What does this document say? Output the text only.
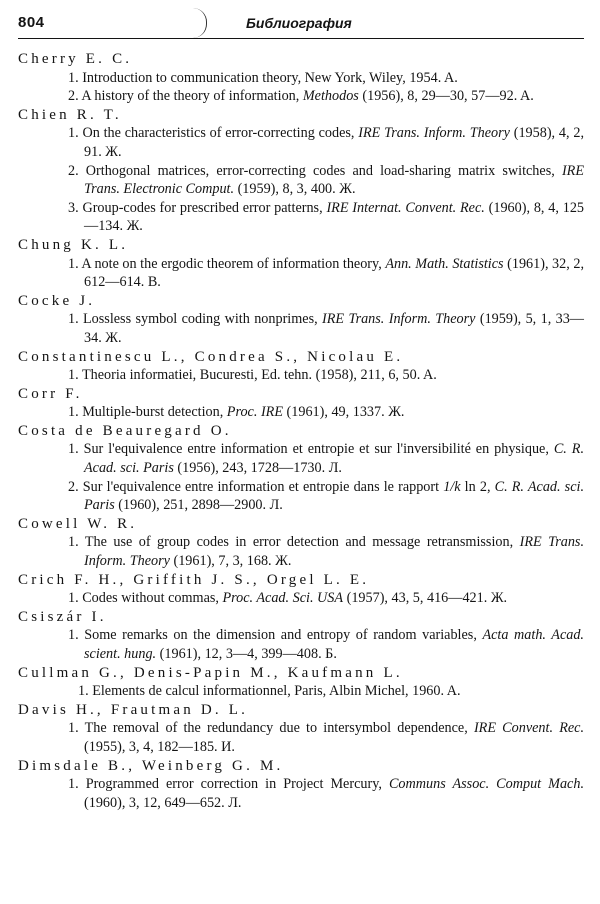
804	Библиография
Cherry E. C.
1. Introduction to communication theory, New York, Wiley, 1954. A.
2. A history of the theory of information, Methodos (1956), 8, 29—30, 57—92. A.
Chien R. T.
1. On the characteristics of error-correcting codes, IRE Trans. Inform. Theory (1958), 4, 2, 91. Ж.
2. Orthogonal matrices, error-correcting codes and load-sharing matrix switches, IRE Trans. Electronic Comput. (1959), 8, 3, 400. Ж.
3. Group-codes for prescribed error patterns, IRE Internat. Convent. Rec. (1960), 8, 4, 125—134. Ж.
Chung K. L.
1. A note on the ergodic theorem of information theory, Ann. Math. Statistics (1961), 32, 2, 612—614. B.
Cocke J.
1. Lossless symbol coding with nonprimes, IRE Trans. Inform. Theory (1959), 5, 1, 33—34. Ж.
Constantinescu L., Condrea S., Nicolau E.
1. Theoria informatiei, Bucuresti, Ed. tehn. (1958), 211, 6, 50. A.
Corr F.
1. Multiple-burst detection, Proc. IRE (1961), 49, 1337. Ж.
Costa de Beauregard O.
1. Sur l'equivalence entre information et entropie et sur l'inversibilité en physique, C. R. Acad. sci. Paris (1956), 243, 1728—1730. Л.
2. Sur l'equivalence entre information et entropie dans le rapport 1/k ln 2, C. R. Acad. sci. Paris (1960), 251, 2898—2900. Л.
Cowell W. R.
1. The use of group codes in error detection and message retransmission, IRE Trans. Inform. Theory (1961), 7, 3, 168. Ж.
Crich F. H., Griffith J. S., Orgel L. E.
1. Codes without commas, Proc. Acad. Sci. USA (1957), 43, 5, 416—421. Ж.
Csiszár I.
1. Some remarks on the dimension and entropy of random variables, Acta math. Acad. scient. hung. (1961), 12, 3—4, 399—408. Б.
Cullman G., Denis-Papin M., Kaufmann L.
1. Elements de calcul informationnel, Paris, Albin Michel, 1960. A.
Davis H., Frautman D. L.
1. The removal of the redundancy due to intersymbol dependence, IRE Convent. Rec. (1955), 3, 4, 182—185. И.
Dimsdale B., Weinberg G. M.
1. Programmed error correction in Project Mercury, Communs Assoc. Comput Mach. (1960), 3, 12, 649—652. Л.
